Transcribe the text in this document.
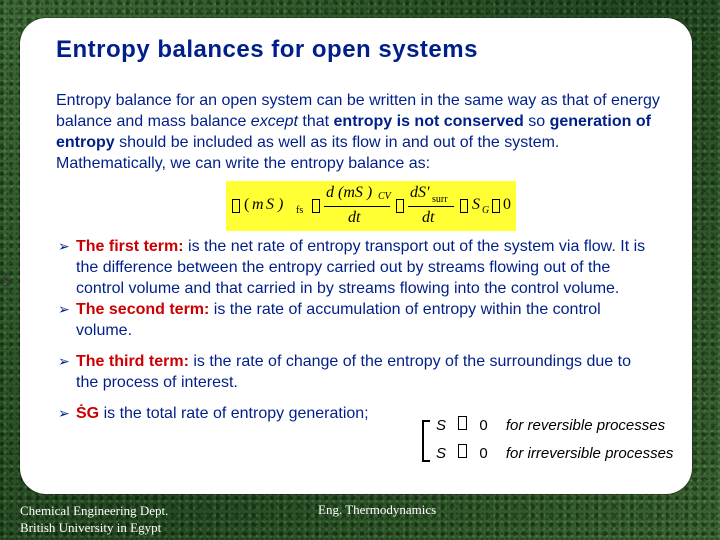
Entropy balances for open systems
Entropy balance for an open system can be written in the same way as that of energy balance and mass balance except that entropy is not conserved so generation of entropy should be included as well as its flow in and out of the system. Mathematically, we can write the entropy balance as:
( m S ) fs
d (mS ) CV
dt
dS' surr
dt
S G 0
S

➢ The first term: is the net rate of entropy transport out of the system via flow. It is the difference between the entropy carried out by streams flowing out of the control volume and that carried in by streams flowing into the control volume.

➢ The second term: is the rate of accumulation of entropy within the control volume.

➢ The third term: is the rate of change of the entropy of the surroundings due to the process of interest.

➢ ṠG is the total rate of entropy generation;

S 0 for reversible processes
S 0 for irreversible processes
Chemical Engineering Dept.
British University in Egypt
Eng. Thermodynamics
